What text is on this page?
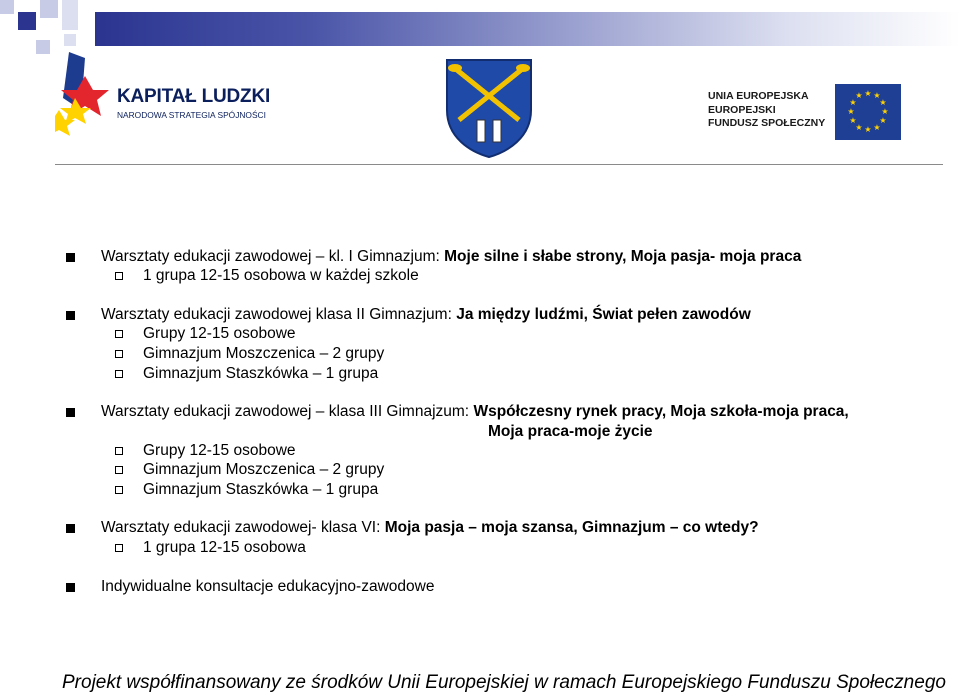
KAPITAŁ LUDZKI
NARODOWA STRATEGIA SPÓJNOŚCI
UNIA EUROPEJSKA
EUROPEJSKI
FUNDUSZ SPOŁECZNY
★ ★
★
★
★
★
★
★
★
★
★
★
Warsztaty edukacji zawodowej – kl. I Gimnazjum: Moje silne i słabe strony, Moja pasja- moja praca
1 grupa 12-15 osobowa w każdej szkole
Warsztaty edukacji zawodowej klasa II Gimnazjum: Ja między ludźmi, Świat pełen zawodów
Grupy 12-15 osobowe
Gimnazjum Moszczenica – 2 grupy
Gimnazjum Staszkówka – 1 grupa
Warsztaty edukacji zawodowej – klasa III Gimnajzum: Współczesny rynek pracy, Moja szkoła-moja praca,
Moja praca-moje życie
Grupy 12-15 osobowe
Gimnazjum Moszczenica – 2 grupy
Gimnazjum Staszkówka – 1 grupa
Warsztaty edukacji zawodowej- klasa VI: Moja pasja – moja szansa, Gimnazjum – co wtedy?
1 grupa 12-15 osobowa
Indywidualne konsultacje edukacyjno-zawodowe
Projekt współfinansowany ze środków Unii Europejskiej w ramach Europejskiego Funduszu Społecznego
